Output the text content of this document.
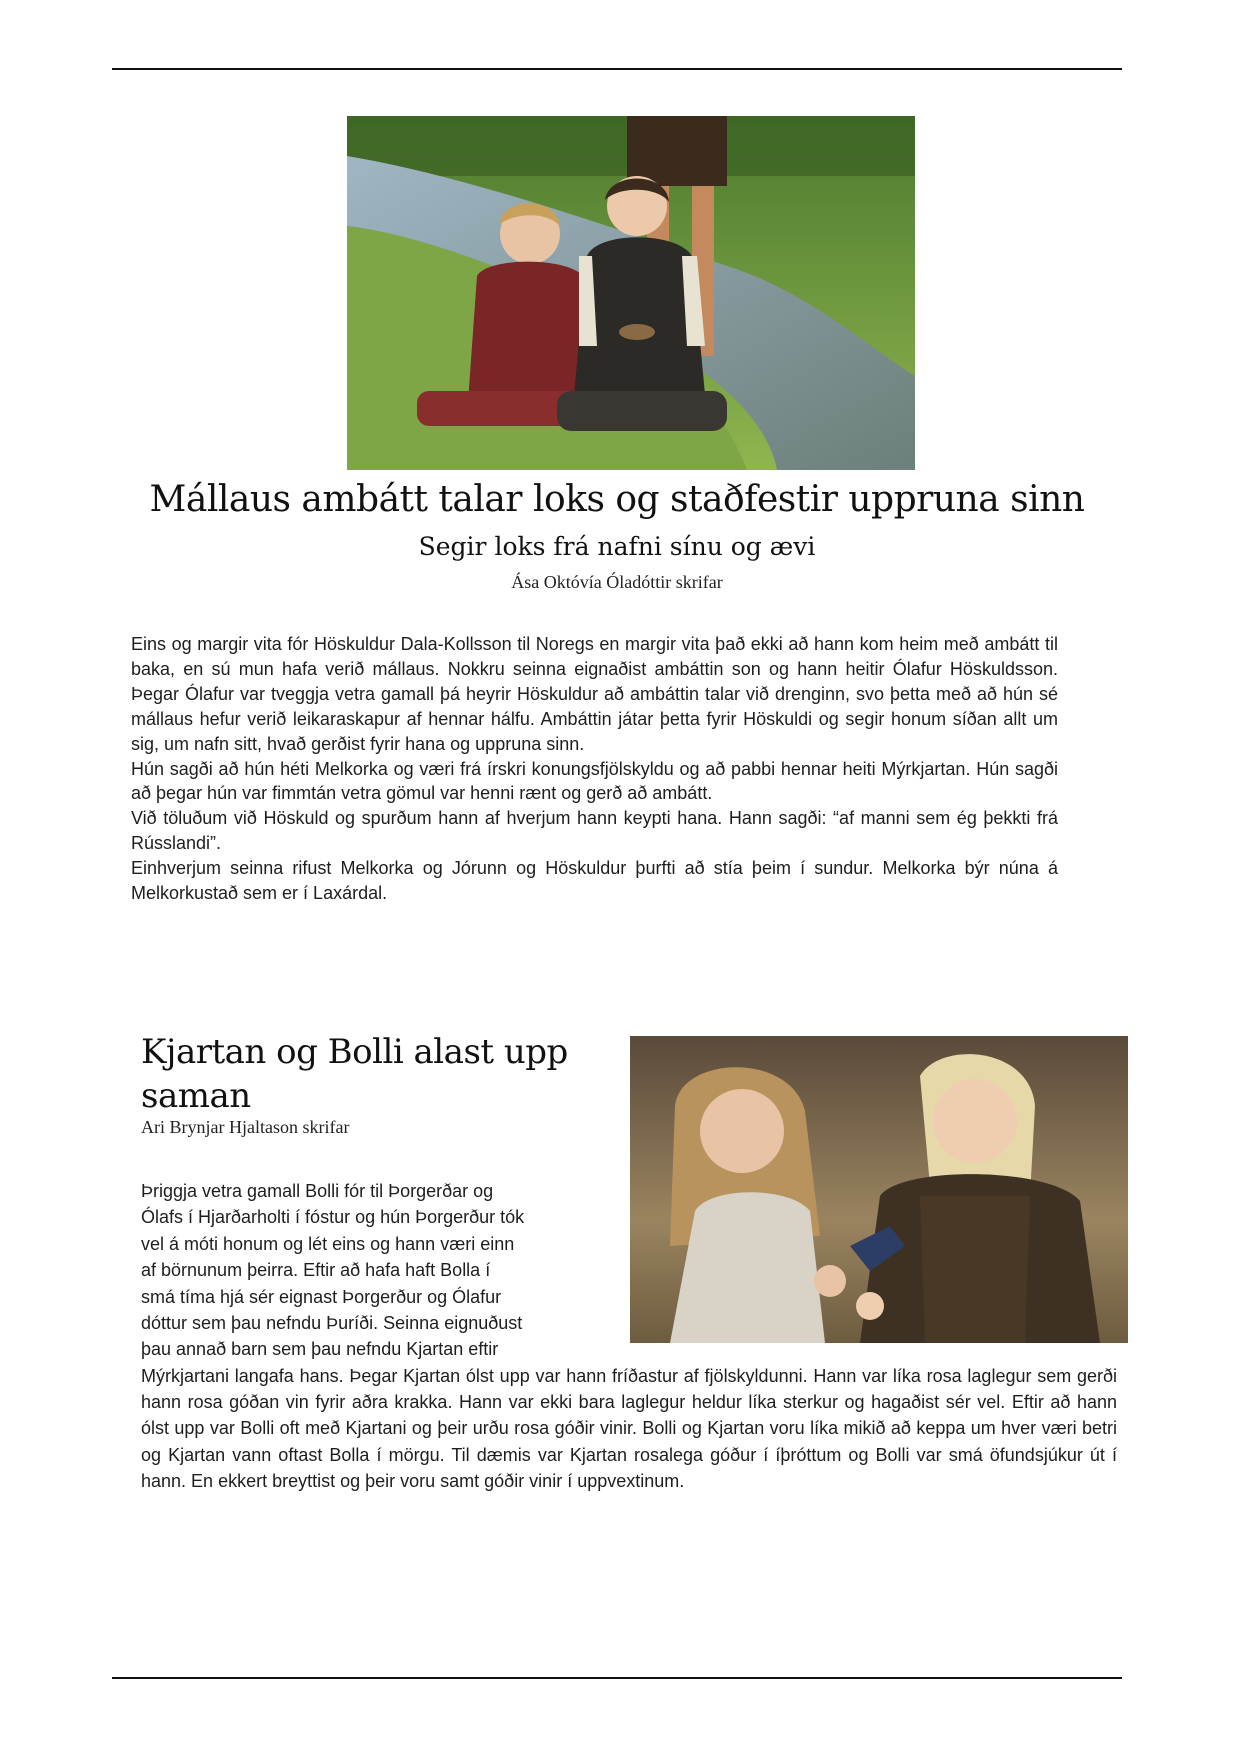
Mállaus ambátt talar loks og staðfestir uppruna sinn
Segir loks frá nafni sínu og ævi
Ása Októvía Óladóttir skrifar

Eins og margir vita fór Höskuldur Dala-Kollsson til Noregs en margir vita það ekki að hann kom heim með ambátt til baka, en sú mun hafa verið mállaus. Nokkru seinna eignaðist ambáttin son og hann heitir Ólafur Höskuldsson. Þegar Ólafur var tveggja vetra gamall þá heyrir Höskuldur að ambáttin talar við drenginn, svo þetta með að hún sé mállaus hefur verið leikaraskapur af hennar hálfu. Ambáttin játar þetta fyrir Höskuldi og segir honum síðan allt um sig, um nafn sitt, hvað gerðist fyrir hana og uppruna sinn.

Hún sagði að hún héti Melkorka og væri frá írskri konungsfjölskyldu og að pabbi hennar heiti Mýrkjartan. Hún sagði að þegar hún var fimmtán vetra gömul var henni rænt og gerð að ambátt.

Við töluðum við Höskuld og spurðum hann af hverjum hann keypti hana. Hann sagði: “af manni sem ég þekkti frá Rússlandi”.

Einhverjum seinna rifust Melkorka og Jórunn og Höskuldur þurfti að stía þeim í sundur. Melkorka býr núna á Melkorkustað sem er í Laxárdal.

Kjartan og Bolli alast upp saman
Ari Brynjar Hjaltason skrifar
Þriggja vetra gamall Bolli fór til Þorgerðar og
Ólafs í Hjarðarholti í fóstur og hún Þorgerður tók
vel á móti honum og lét eins og hann væri einn
af börnunum þeirra. Eftir að hafa haft Bolla í
smá tíma hjá sér eignast Þorgerður og Ólafur
dóttur sem þau nefndu Þuríði. Seinna eignuðust
þau annað barn sem þau nefndu Kjartan eftir
Mýrkjartani langafa hans. Þegar Kjartan ólst upp var hann fríðastur af fjölskyldunni. Hann var líka rosa laglegur sem gerði hann rosa góðan vin fyrir aðra krakka. Hann var ekki bara laglegur heldur líka sterkur og hagaðist sér vel. Eftir að hann ólst upp var Bolli oft með Kjartani og þeir urðu rosa góðir vinir. Bolli og Kjartan voru líka mikið að keppa um hver væri betri og Kjartan vann oftast Bolla í mörgu. Til dæmis var Kjartan rosalega góður í íþróttum og Bolli var smá öfundsjúkur út í hann. En ekkert breyttist og þeir voru samt góðir vinir í uppvextinum.
